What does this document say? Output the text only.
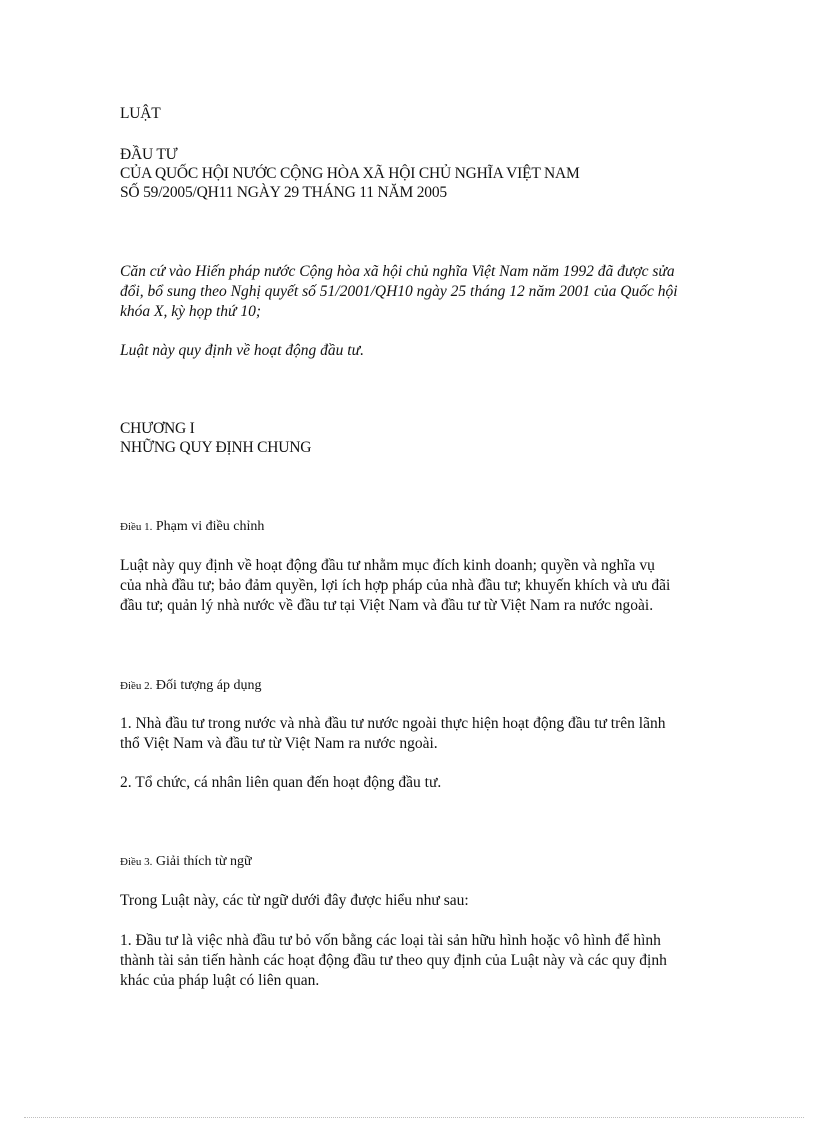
LUẬT

ĐẦU TƯ

CỦA QUỐC HỘI NƯỚC CỘNG HÒA XÃ HỘI CHỦ NGHĨA VIỆT NAM

SỐ 59/2005/QH11 NGÀY 29 THÁNG 11 NĂM 2005

Căn cứ vào Hiến pháp nước Cộng hòa xã hội chủ nghĩa Việt Nam năm 1992 đã được sửa

đổi, bổ sung theo Nghị quyết số 51/2001/QH10 ngày 25 tháng 12 năm 2001 của Quốc hội

khóa X, kỳ họp thứ 10;

Luật này quy định về hoạt động đầu tư.

CHƯƠNG I

NHỮNG QUY ĐỊNH CHUNG

Điều 1. Phạm vi điều chỉnh

Luật này quy định về hoạt động đầu tư nhằm mục đích kinh doanh; quyền và nghĩa vụ

của nhà đầu tư; bảo đảm quyền, lợi ích hợp pháp của nhà đầu tư; khuyến khích và ưu đãi

đầu tư; quản lý nhà nước về đầu tư tại Việt Nam và đầu tư từ Việt Nam ra nước ngoài.

Điều 2. Đối tượng áp dụng

1. Nhà đầu tư trong nước và nhà đầu tư nước ngoài thực hiện hoạt động đầu tư trên lãnh

thổ Việt Nam và đầu tư từ Việt Nam ra nước ngoài.

2. Tổ chức, cá nhân liên quan đến hoạt động đầu tư.

Điều 3. Giải thích từ ngữ

Trong Luật này, các từ ngữ dưới đây được hiểu như sau:

1. Đầu tư là việc nhà đầu tư bỏ vốn bằng các loại tài sản hữu hình hoặc vô hình để hình

thành tài sản tiến hành các hoạt động đầu tư theo quy định của Luật này và các quy định

khác của pháp luật có liên quan.
